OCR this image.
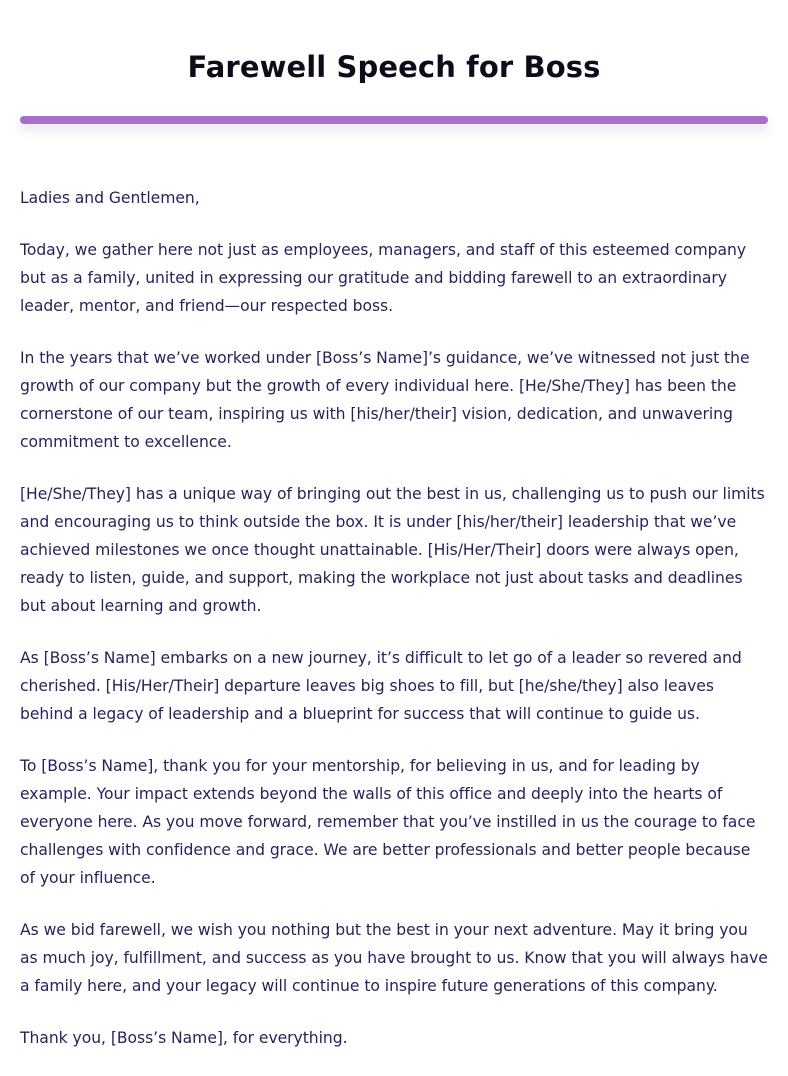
Farewell Speech for Boss

Ladies and Gentlemen,

Today, we gather here not just as employees, managers, and staff of this esteemed company but as a family, united in expressing our gratitude and bidding farewell to an extraordinary leader, mentor, and friend—our respected boss.

In the years that we’ve worked under [Boss’s Name]’s guidance, we’ve witnessed not just the growth of our company but the growth of every individual here. [He/She/They] has been the cornerstone of our team, inspiring us with [his/her/their] vision, dedication, and unwavering commitment to excellence.

[He/She/They] has a unique way of bringing out the best in us, challenging us to push our limits and encouraging us to think outside the box. It is under [his/her/their] leadership that we’ve achieved milestones we once thought unattainable. [His/Her/Their] doors were always open, ready to listen, guide, and support, making the workplace not just about tasks and deadlines but about learning and growth.

As [Boss’s Name] embarks on a new journey, it’s difficult to let go of a leader so revered and cherished. [His/Her/Their] departure leaves big shoes to fill, but [he/she/they] also leaves behind a legacy of leadership and a blueprint for success that will continue to guide us.

To [Boss’s Name], thank you for your mentorship, for believing in us, and for leading by example. Your impact extends beyond the walls of this office and deeply into the hearts of everyone here. As you move forward, remember that you’ve instilled in us the courage to face challenges with confidence and grace. We are better professionals and better people because of your influence.

As we bid farewell, we wish you nothing but the best in your next adventure. May it bring you as much joy, fulfillment, and success as you have brought to us. Know that you will always have a family here, and your legacy will continue to inspire future generations of this company.

Thank you, [Boss’s Name], for everything.
